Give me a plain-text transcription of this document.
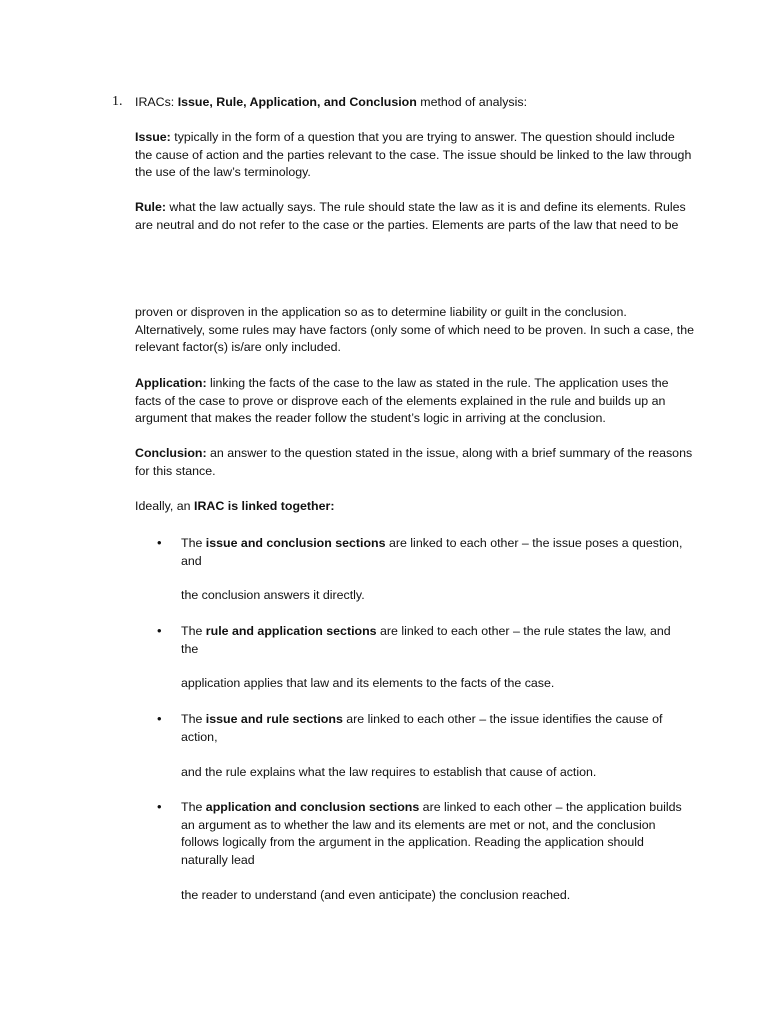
1. IRACs: Issue, Rule, Application, and Conclusion method of analysis:

Issue: typically in the form of a question that you are trying to answer. The question should include the cause of action and the parties relevant to the case. The issue should be linked to the law through the use of the law’s terminology.

Rule: what the law actually says. The rule should state the law as it is and define its elements. Rules are neutral and do not refer to the case or the parties. Elements are parts of the law that need to be

proven or disproven in the application so as to determine liability or guilt in the conclusion. Alternatively, some rules may have factors (only some of which need to be proven. In such a case, the relevant factor(s) is/are only included.

Application: linking the facts of the case to the law as stated in the rule. The application uses the facts of the case to prove or disprove each of the elements explained in the rule and builds up an argument that makes the reader follow the student’s logic in arriving at the conclusion.

Conclusion: an answer to the question stated in the issue, along with a brief summary of the reasons for this stance.

Ideally, an IRAC is linked together:

• The issue and conclusion sections are linked to each other – the issue poses a question, and

the conclusion answers it directly.

• The rule and application sections are linked to each other – the rule states the law, and the

application applies that law and its elements to the facts of the case.

• The issue and rule sections are linked to each other – the issue identifies the cause of action,

and the rule explains what the law requires to establish that cause of action.

• The application and conclusion sections are linked to each other – the application builds an argument as to whether the law and its elements are met or not, and the conclusion follows logically from the argument in the application. Reading the application should naturally lead

the reader to understand (and even anticipate) the conclusion reached.
